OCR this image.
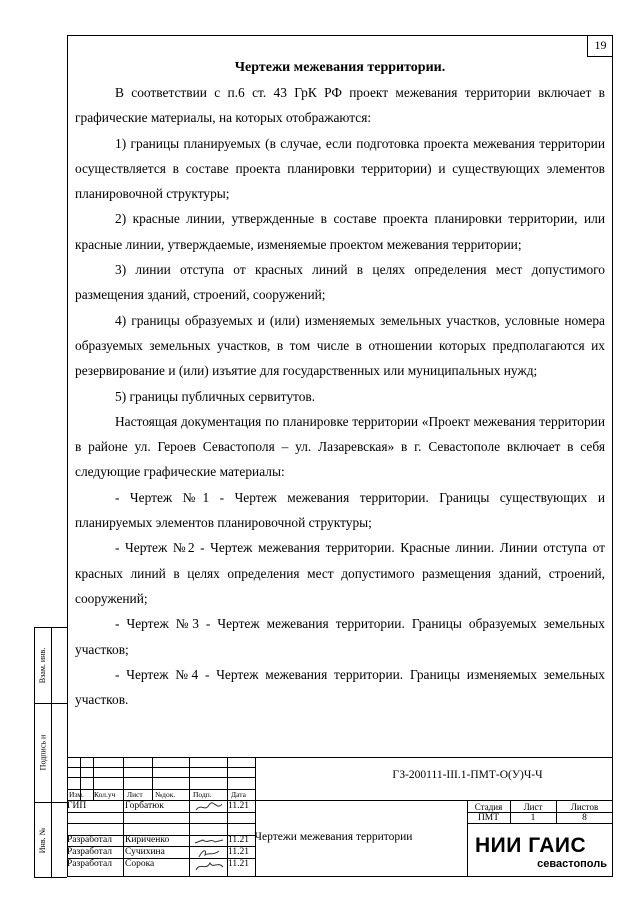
19
Чертежи межевания территории.

В соответствии с п.6 ст. 43 ГрК РФ проект межевания территории включает в графические материалы, на которых отображаются:

1) границы планируемых (в случае, если подготовка проекта межевания территории осуществляется в составе проекта планировки территории) и существующих элементов планировочной структуры;

2) красные линии, утвержденные в составе проекта планировки территории, или красные линии, утверждаемые, изменяемые проектом межевания территории;

3) линии отступа от красных линий в целях определения мест допустимого размещения зданий, строений, сооружений;

4) границы образуемых и (или) изменяемых земельных участков, условные номера образуемых земельных участков, в том числе в отношении которых предполагаются их резервирование и (или) изъятие для государственных или муниципальных нужд;

5) границы публичных сервитутов.

Настоящая документация по планировке территории «Проект межевания территории в районе ул. Героев Севастополя – ул. Лазаревская» в г. Севастополе включает в себя следующие графические материалы:

- Чертеж №1 - Чертеж межевания территории. Границы существующих и планируемых элементов планировочной структуры;

- Чертеж №2 - Чертеж межевания территории. Красные линии. Линии отступа от красных линий в целях определения мест допустимого размещения зданий, строений, сооружений;

- Чертеж №3 - Чертеж межевания территории. Границы образуемых земельных участков;

- Чертеж №4 - Чертеж межевания территории. Границы изменяемых земельных участков.

Взам. инв.
Подпись и
Инв. №
Изм. Кол.уч Лист №док. Подп.	Дата
ГЗ-200111-III.1-ПМТ-О(У)Ч-Ч
ГИП	Горбатюк	11.21
Разработал Кириченко	11.21
Разработал Сучихина	11.21
Разработал Сорока	11.21
Стадия	Лист	Листов
ПМТ	1	8
Чертежи межевания территории	НИИ ГАИС
севастополь
